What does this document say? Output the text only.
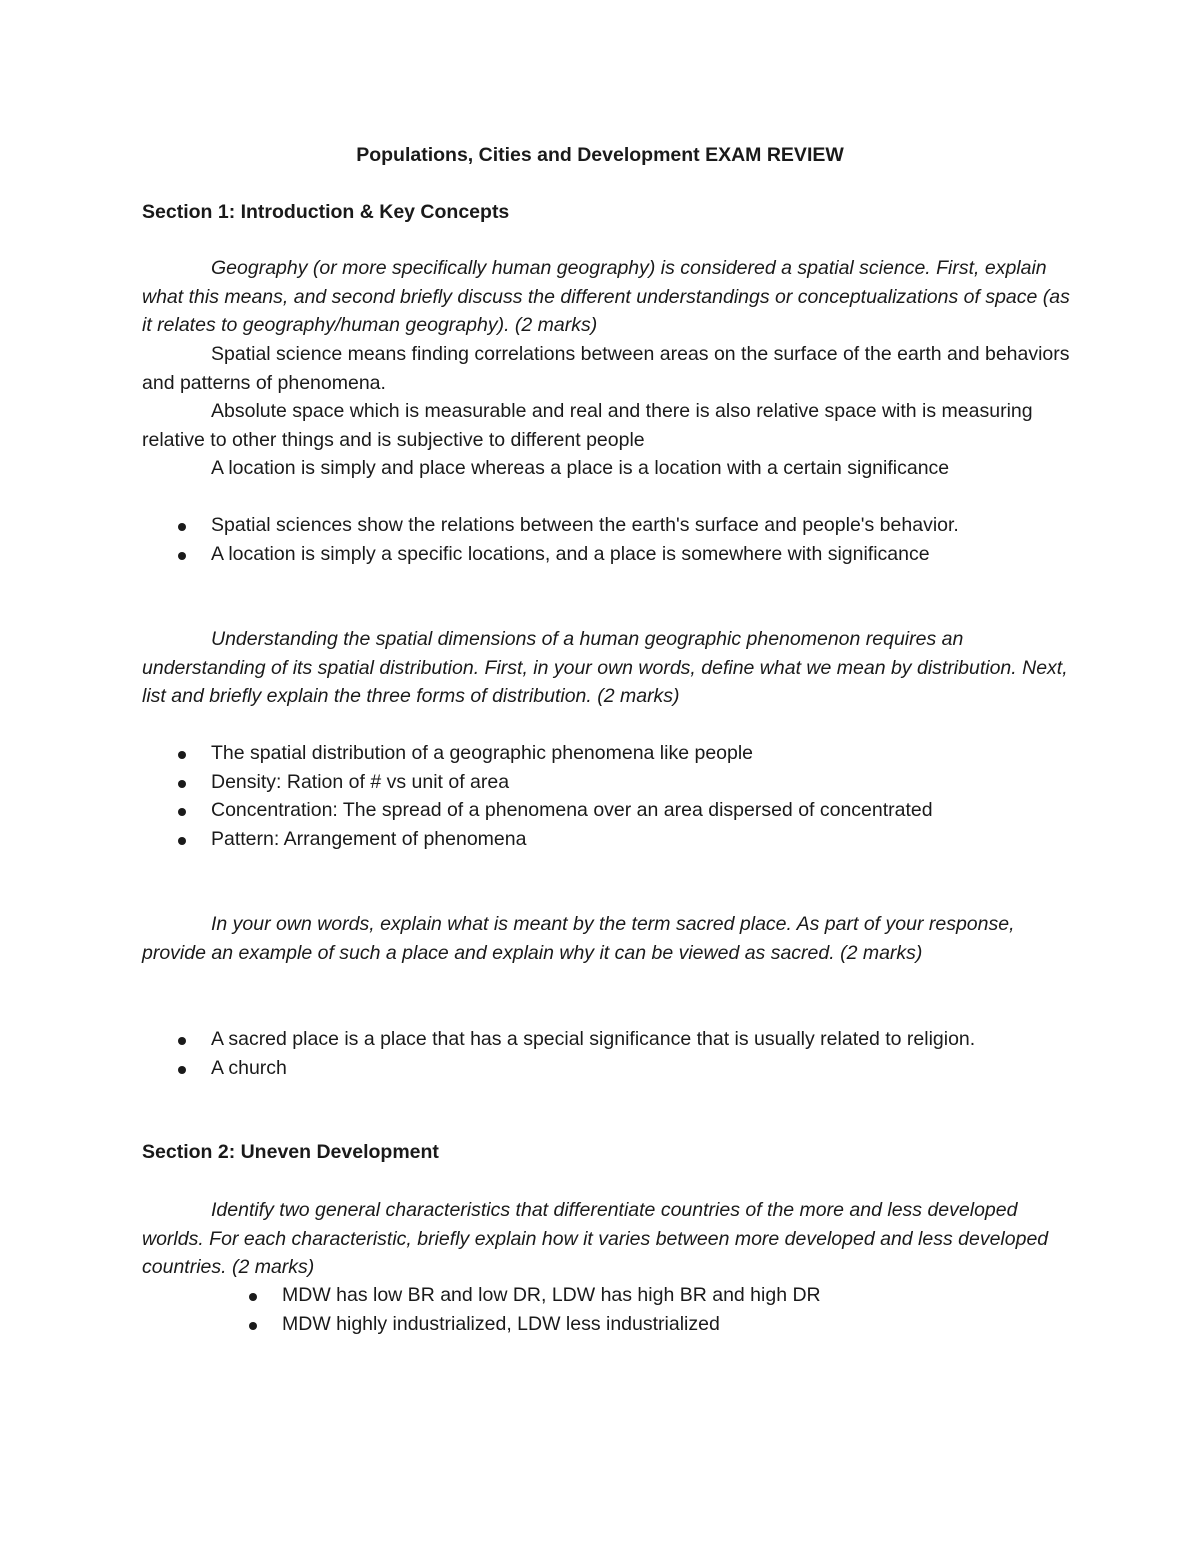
Populations, Cities and Development EXAM REVIEW
Section 1: Introduction & Key Concepts

Geography (or more specifically human geography) is considered a spatial science. First, explain what this means, and second briefly discuss the different understandings or conceptualizations of space (as it relates to geography/human geography). (2 marks)

Spatial science means finding correlations between areas on the surface of the earth and behaviors and patterns of phenomena.

Absolute space which is measurable and real and there is also relative space with is measuring relative to other things and is subjective to different people

A location is simply and place whereas a place is a location with a certain significance

Spatial sciences show the relations between the earth's surface and people's behavior.
A location is simply a specific locations, and a place is somewhere with significance

Understanding the spatial dimensions of a human geographic phenomenon requires an understanding of its spatial distribution. First, in your own words, define what we mean by distribution. Next, list and briefly explain the three forms of distribution. (2 marks)

The spatial distribution of a geographic phenomena like people
Density: Ration of # vs unit of area
Concentration: The spread of a phenomena over an area dispersed of concentrated
Pattern: Arrangement of phenomena

In your own words, explain what is meant by the term sacred place. As part of your response, provide an example of such a place and explain why it can be viewed as sacred. (2 marks)

A sacred place is a place that has a special significance that is usually related to religion.
A church
Section 2: Uneven Development

Identify two general characteristics that differentiate countries of the more and less developed worlds. For each characteristic, briefly explain how it varies between more developed and less developed countries. (2 marks)

MDW has low BR and low DR, LDW has high BR and high DR
MDW highly industrialized, LDW less industrialized
